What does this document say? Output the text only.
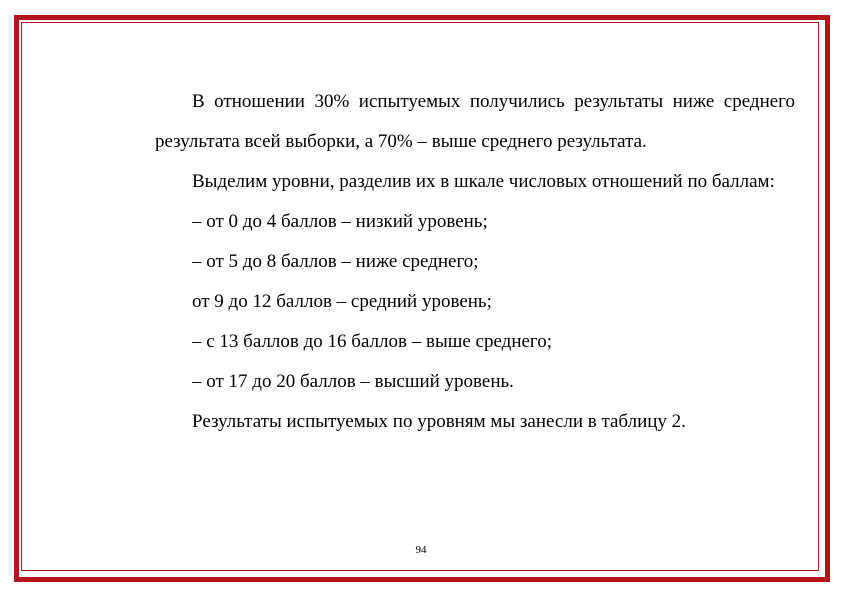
В отношении 30% испытуемых получились результаты ниже среднего результата всей выборки, а 70% – выше среднего результата.

Выделим уровни, разделив их в шкале числовых отношений по баллам:

– от 0 до 4 баллов – низкий уровень;

– от 5 до 8 баллов – ниже среднего;

от 9 до 12 баллов – средний уровень;

– с 13 баллов до 16 баллов – выше среднего;

– от 17 до 20 баллов – высший уровень.

Результаты испытуемых по уровням мы занесли в таблицу 2.

94
